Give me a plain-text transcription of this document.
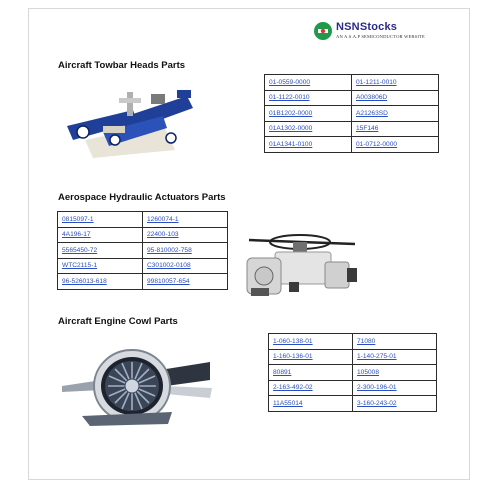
NSNStocks
AN A.S.A.P SEMICONDUCTOR WEBSITE
Aircraft Towbar Heads Parts
01-0559-0000	01-1211-0010
01-1122-0010	A003806D
01B1202-0000	A21263SD
01A1302-0000	15F146
01A1341-0100	01-0712-0000
Aerospace Hydraulic Actuators Parts
0815097-1	1260074-1
4A196-17	22400-103
5565450-72	95-810002-758
WTC2115-1	C301002-0108
96-526013-618	99810057-654
Aircraft Engine Cowl Parts
1-060-138-01	71080
1-160-136-01	1-140-275-01
80891	105008
2-163-492-02	2-300-196-01
11A55014	3-160-243-02
